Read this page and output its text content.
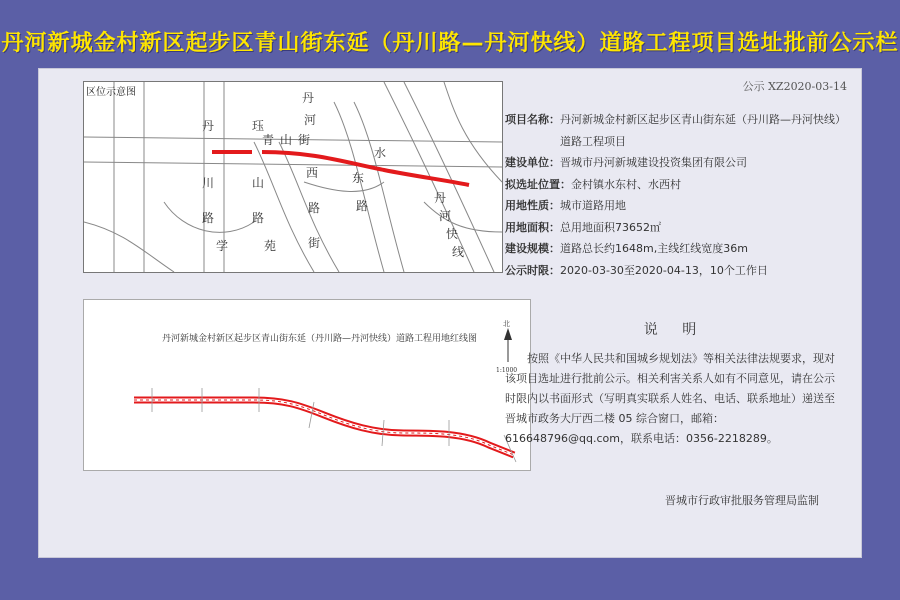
丹河新城金村新区起步区青山街东延（丹川路—丹河快线）道路工程项目选址批前公示栏
公示 XZ2020-03-14
区位示意图
丹
川
路
珏
山
路
学	苑
青 山 街
丹
河
西
路
东
路
水
街
丹
河
快
线
项目名称： 丹河新城金村新区起步区青山街东延（丹川路—丹河快线）道路工程项目
建设单位： 晋城市丹河新城建设投资集团有限公司
拟选址位置： 金村镇水东村、水西村
用地性质： 城市道路用地
用地面积： 总用地面积73652㎡
建设规模： 道路总长约1648m,主线红线宽度36m
公示时限： 2020-03-30至2020-04-13，10个工作日
丹河新城金村新区起步区青山街东延（丹川路—丹河快线）道路工程用地红线图
北
1:1000
说 明
按照《中华人民共和国城乡规划法》等相关法律法规要求，现对该项目选址进行批前公示。相关利害关系人如有不同意见，请在公示时限内以书面形式（写明真实联系人姓名、电话、联系地址）递送至晋城市政务大厅西二楼 05 综合窗口，邮箱：616648796@qq.com，联系电话：0356-2218289。
晋城市行政审批服务管理局监制
